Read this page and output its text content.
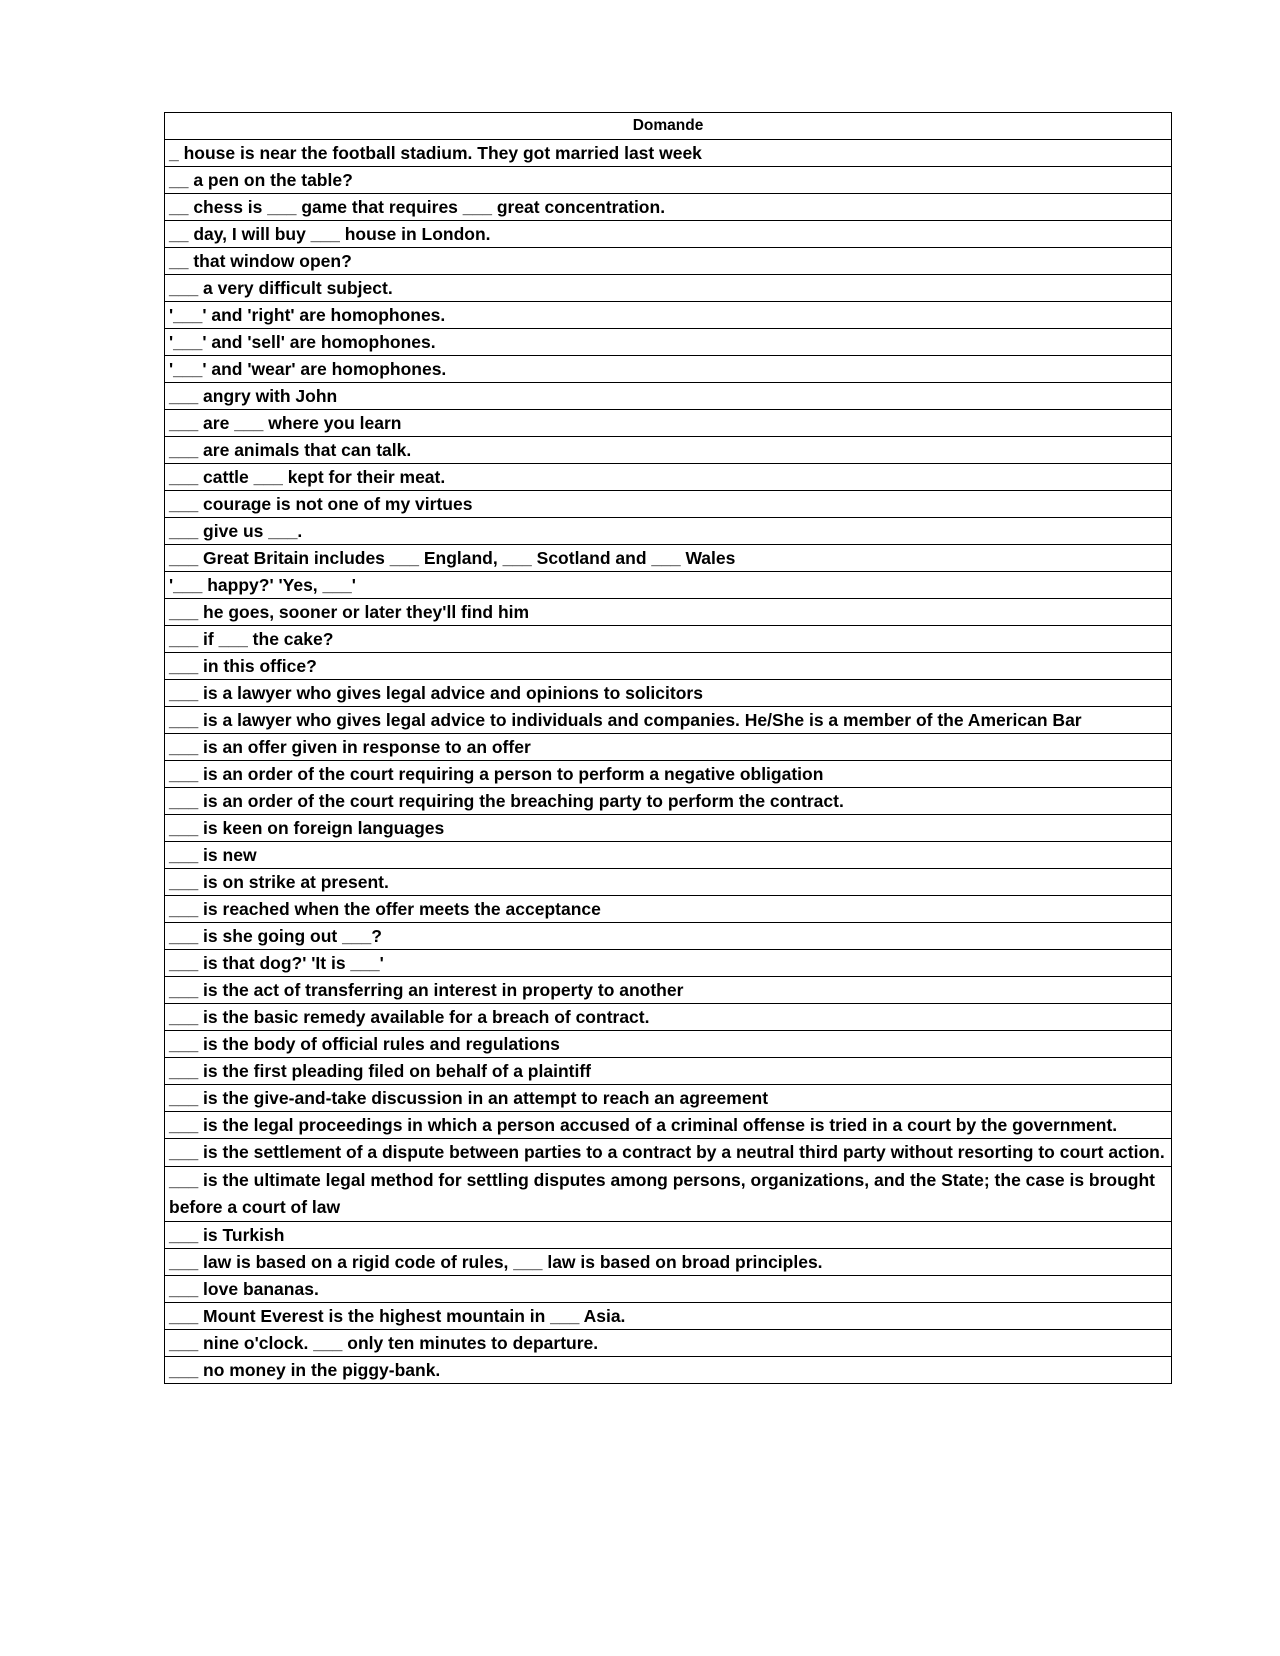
Domande
_ house is near the football stadium. They got married last week
__ a pen on the table?
__ chess is ___ game that requires ___ great concentration.
__ day, I will buy ___ house in London.
__ that window open?
___ a very difficult subject.
'___' and 'right' are homophones.
'___' and 'sell' are homophones.
'___' and 'wear' are homophones.
___ angry with John
___ are ___ where you learn
___ are animals that can talk.
___ cattle ___ kept for their meat.
___ courage is not one of my virtues
___ give us ___.
___ Great Britain includes ___ England, ___ Scotland and ___ Wales
'___ happy?' 'Yes, ___'
___ he goes, sooner or later they'll find him
___ if ___ the cake?
___ in this office?
___ is a lawyer who gives legal advice and opinions to solicitors
___ is a lawyer who gives legal advice to individuals and companies. He/She is a member of the American Bar
___ is an offer given in response to an offer
___ is an order of the court requiring a person to perform a negative obligation
___ is an order of the court requiring the breaching party to perform the contract.
___ is keen on foreign languages
___ is new
___ is on strike at present.
___ is reached when the offer meets the acceptance
___ is she going out ___?
___ is that dog?' 'It is ___'
___ is the act of transferring an interest in property to another
___ is the basic remedy available for a breach of contract.
___ is the body of official rules and regulations
___ is the first pleading filed on behalf of a plaintiff
___ is the give-and-take discussion in an attempt to reach an agreement
___ is the legal proceedings in which a person accused of a criminal offense is tried in a court by the government.
___ is the settlement of a dispute between parties to a contract by a neutral third party without resorting to court action.
___ is the ultimate legal method for settling disputes among persons, organizations, and the State; the case is brought before a court of law
___ is Turkish
___ law is based on a rigid code of rules, ___ law is based on broad principles.
___ love bananas.
___ Mount Everest is the highest mountain in ___ Asia.
___ nine o'clock. ___ only ten minutes to departure.
___ no money in the piggy-bank.
